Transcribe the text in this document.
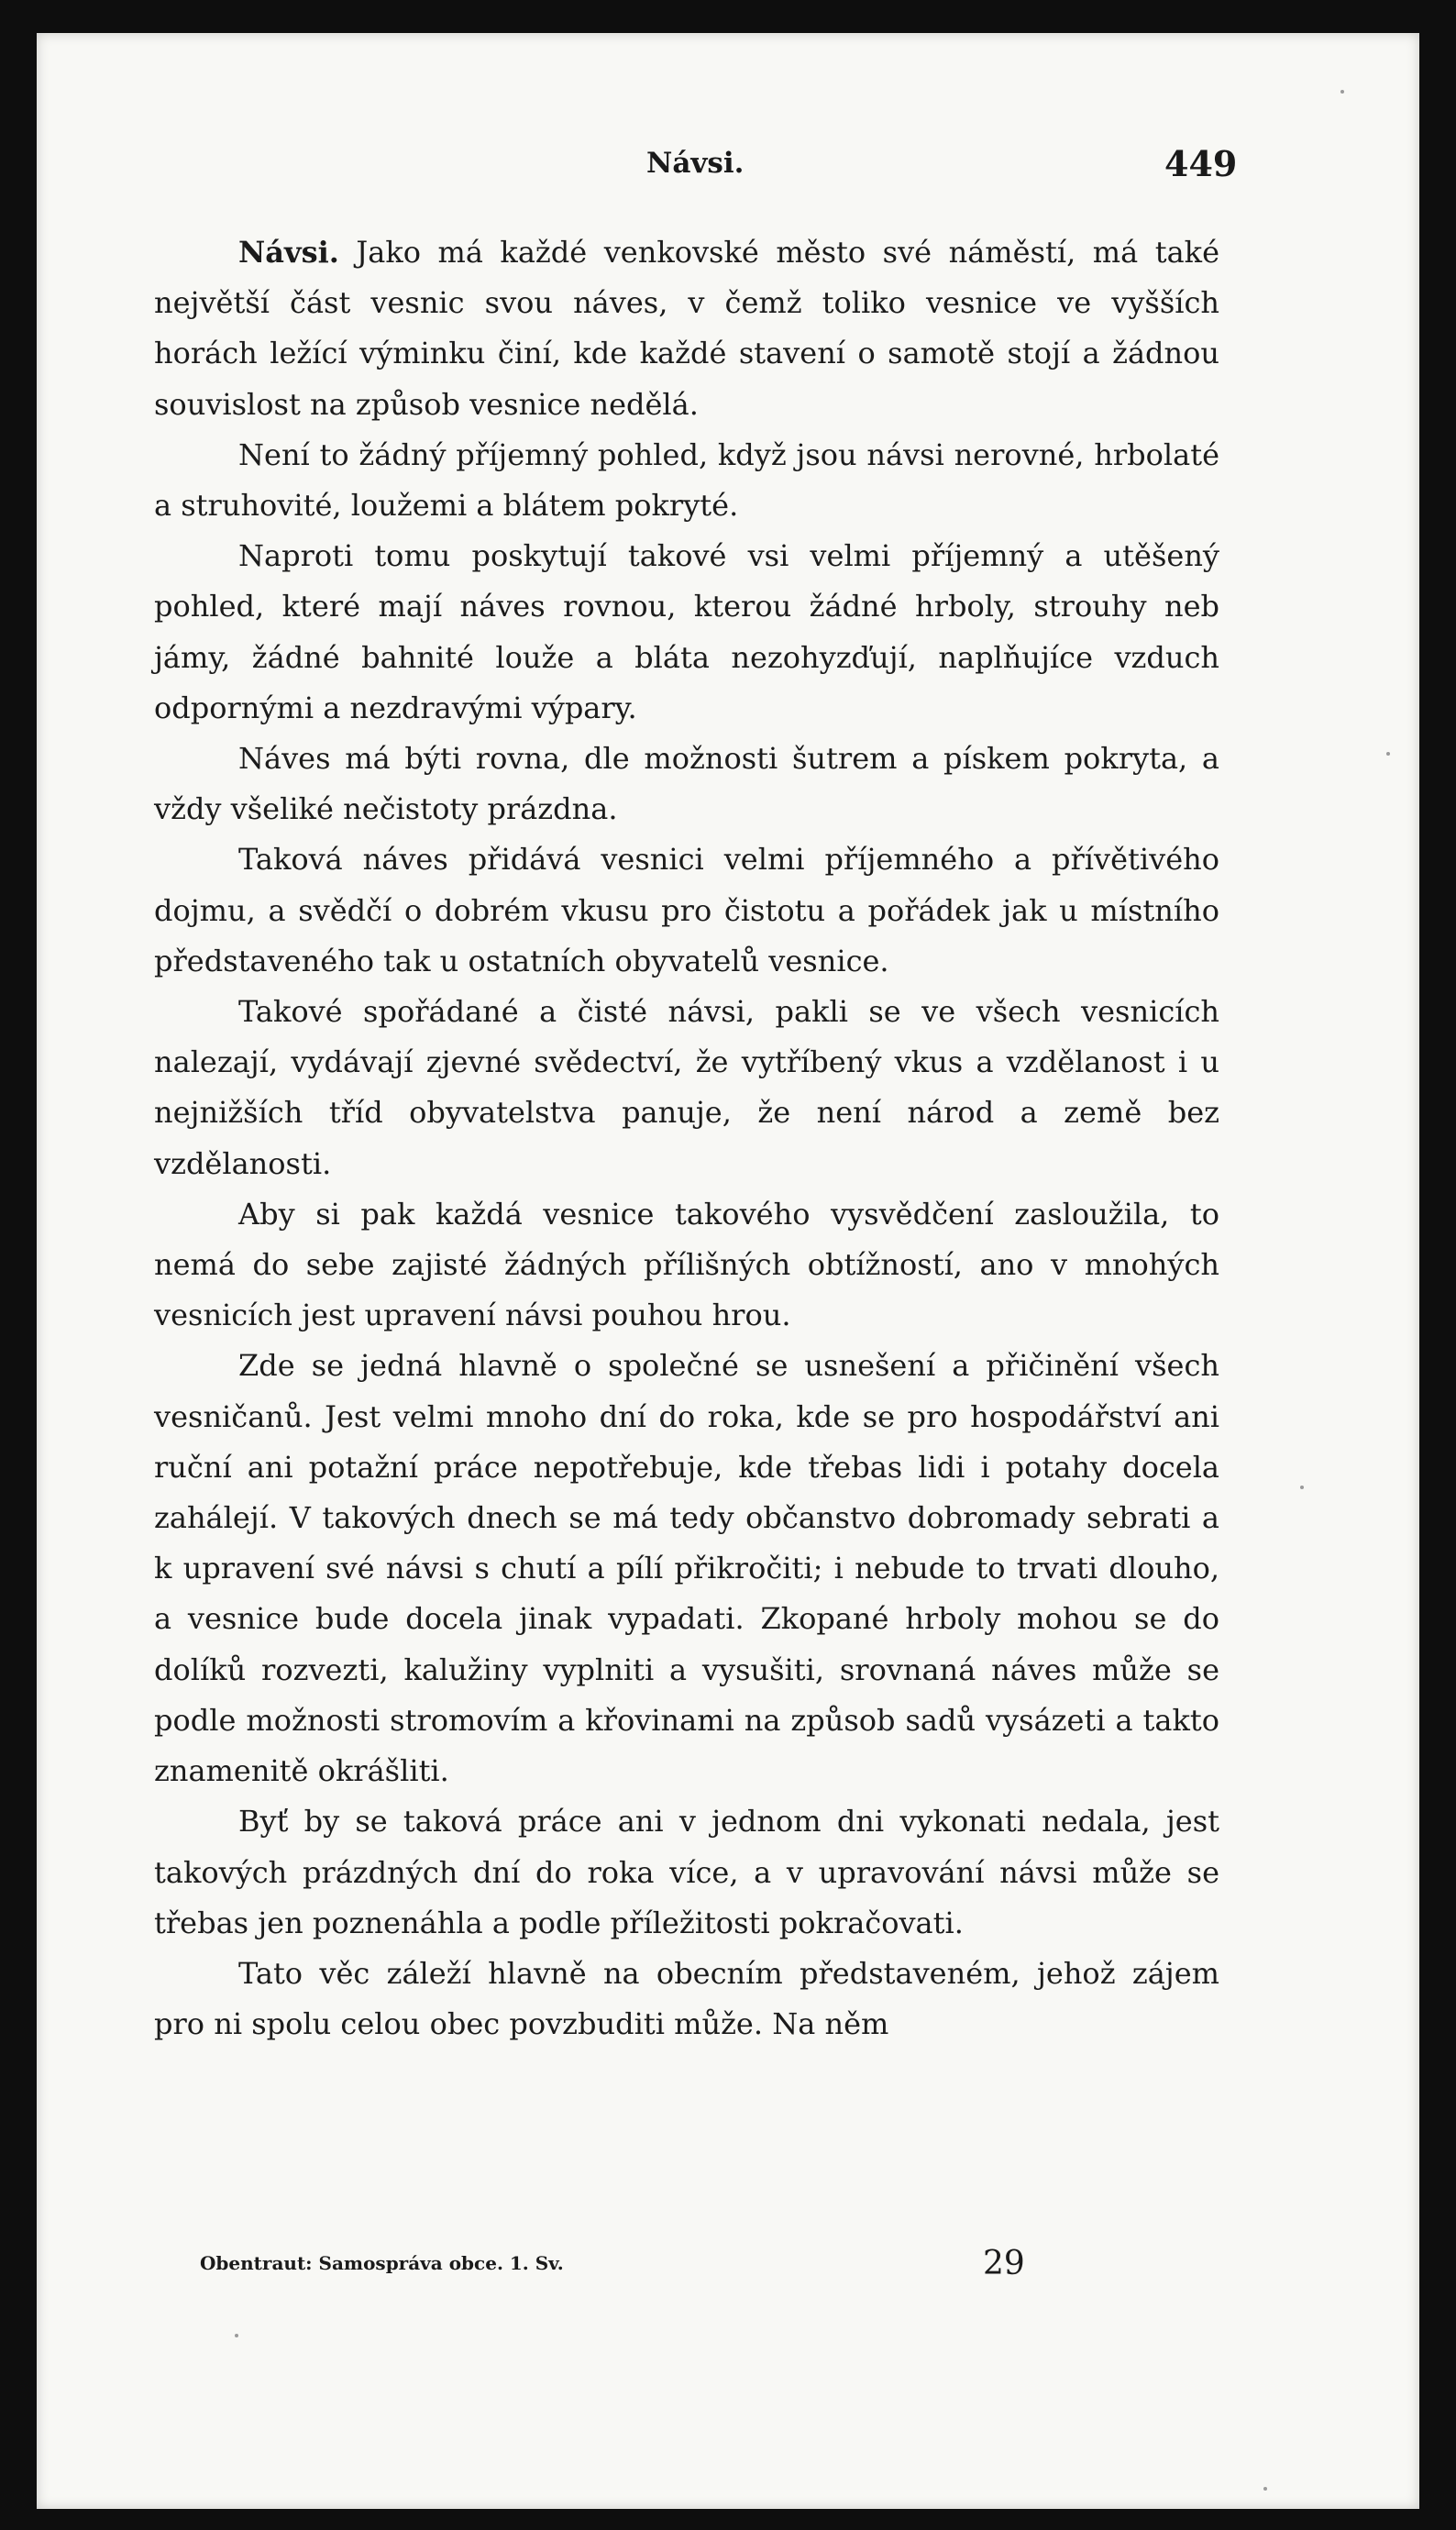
Návsi.	449

Návsi. Jako má každé venkovské město své náměstí, má také největší část vesnic svou náves, v čemž toliko vesnice ve vyšších horách ležící výminku činí, kde každé stavení o samotě stojí a žádnou souvislost na způsob vesnice nedělá.

Není to žádný příjemný pohled, když jsou návsi nerovné, hrbolaté a struhovité, loužemi a blátem pokryté.

Naproti tomu poskytují takové vsi velmi příjemný a utěšený pohled, které mají náves rovnou, kterou žádné hrboly, strouhy neb jámy, žádné bahnité louže a bláta nezohyzďují, naplňujíce vzduch odpornými a nezdravými výpary.

Náves má býti rovna, dle možnosti šutrem a pískem pokryta, a vždy všeliké nečistoty prázdna.

Taková náves přidává vesnici velmi příjemného a přívětivého dojmu, a svědčí o dobrém vkusu pro čistotu a pořádek jak u místního představeného tak u ostatních obyvatelů vesnice.

Takové spořádané a čisté návsi, pakli se ve všech vesnicích nalezají, vydávají zjevné svědectví, že vytříbený vkus a vzdělanost i u nejnižších tříd obyvatelstva panuje, že není národ a země bez vzdělanosti.

Aby si pak každá vesnice takového vysvědčení zasloužila, to nemá do sebe zajisté žádných přílišných obtížností, ano v mnohých vesnicích jest upravení návsi pouhou hrou.

Zde se jedná hlavně o společné se usnešení a přičinění všech vesničanů. Jest velmi mnoho dní do roka, kde se pro hospodářství ani ruční ani potažní práce nepotřebuje, kde třebas lidi i potahy docela zahálejí. V takových dnech se má tedy občanstvo dobromady sebrati a k upravení své návsi s chutí a pílí přikročiti; i nebude to trvati dlouho, a vesnice bude docela jinak vypadati. Zkopané hrboly mohou se do dolíků rozvezti, kalužiny vyplniti a vysušiti, srovnaná náves může se podle možnosti stromovím a křovinami na způsob sadů vysázeti a takto znamenitě okrášliti.

Byť by se taková práce ani v jednom dni vykonati nedala, jest takových prázdných dní do roka více, a v upravování návsi může se třebas jen poznenáhla a podle příležitosti pokračovati.

Tato věc záleží hlavně na obecním představeném, jehož zájem pro ni spolu celou obec povzbuditi může. Na něm

Obentraut: Samospráva obce. 1. Sv.	29
